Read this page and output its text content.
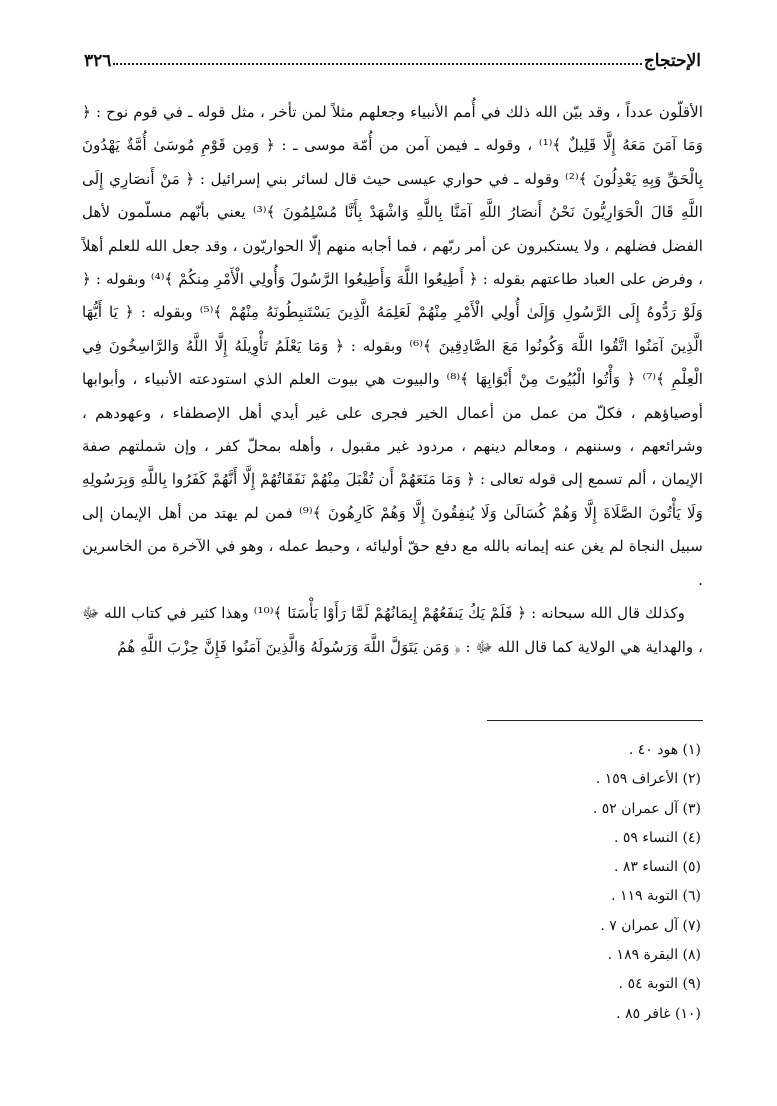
الإحتجاج
٣٢٦

الأقلّون عدداً ، وقد بيّن الله ذلك في أُمم الأنبياء وجعلهم مثلاً لمن تأخر ، مثل قوله ـ في قوم نوح : ﴿ وَمَا آمَنَ مَعَهُ إِلَّا قَلِيلٌ ﴾⁽¹⁾ ، وقوله ـ فيمن آمن من أُمّة موسى ـ : ﴿ وَمِن قَوْمِ مُوسَىٰ أُمَّةٌ يَهْدُونَ بِالْحَقِّ وَبِهِ يَعْدِلُونَ ﴾⁽²⁾ وقوله ـ في حواري عيسى حيث قال لسائر بني إسرائيل : ﴿ مَنْ أَنصَارِي إِلَى اللَّهِ قَالَ الْحَوَارِيُّونَ نَحْنُ أَنصَارُ اللَّهِ آمَنَّا بِاللَّهِ وَاشْهَدْ بِأَنَّا مُسْلِمُونَ ﴾⁽³⁾ يعني بأنّهم مسلّمون لأهل الفضل فضلهم ، ولا يستكبرون عن أمر ربّهم ، فما أجابه منهم إلّا الحواريّون ، وقد جعل الله للعلم أهلاً ، وفرض على العباد طاعتهم بقوله : ﴿ أَطِيعُوا اللَّهَ وَأَطِيعُوا الرَّسُولَ وَأُولِي الْأَمْرِ مِنكُمْ ﴾⁽⁴⁾ وبقوله : ﴿ وَلَوْ رَدُّوهُ إِلَى الرَّسُولِ وَإِلَىٰ أُولِي الْأَمْرِ مِنْهُمْ لَعَلِمَهُ الَّذِينَ يَسْتَنبِطُونَهُ مِنْهُمْ ﴾⁽⁵⁾ وبقوله : ﴿ يَا أَيُّهَا الَّذِينَ آمَنُوا اتَّقُوا اللَّهَ وَكُونُوا مَعَ الصَّادِقِينَ ﴾⁽⁶⁾ وبقوله : ﴿ وَمَا يَعْلَمُ تَأْوِيلَهُ إِلَّا اللَّهُ وَالرَّاسِخُونَ فِي الْعِلْمِ ﴾⁽⁷⁾ ﴿ وَأْتُوا الْبُيُوتَ مِنْ أَبْوَابِهَا ﴾⁽⁸⁾ والبيوت هي بيوت العلم الذي استودعته الأنبياء ، وأبوابها أوصياؤهم ، فكلّ من عمل من أعمال الخير فجرى على غير أيدي أهل الإصطفاء ، وعهودهم ، وشرائعهم ، وسننهم ، ومعالم دينهم ، مردود غير مقبول ، وأهله بمحلّ كفر ، وإن شملتهم صفة الإيمان ، ألم تسمع إلى قوله تعالى : ﴿ وَمَا مَنَعَهُمْ أَن تُقْبَلَ مِنْهُمْ نَفَقَاتُهُمْ إِلَّا أَنَّهُمْ كَفَرُوا بِاللَّهِ وَبِرَسُولِهِ وَلَا يَأْتُونَ الصَّلَاةَ إِلَّا وَهُمْ كُسَالَىٰ وَلَا يُنفِقُونَ إِلَّا وَهُمْ كَارِهُونَ ﴾⁽⁹⁾ فمن لم يهتد من أهل الإيمان إلى سبيل النجاة لم يغن عنه إيمانه بالله مع دفع حقّ أوليائه ، وحبط عمله ، وهو في الآخرة من الخاسرين .

وكذلك قال الله سبحانه : ﴿ فَلَمْ يَكُ يَنفَعُهُمْ إِيمَانُهُمْ لَمَّا رَأَوْا بَأْسَنَا ﴾⁽¹⁰⁾ وهذا كثير في كتاب الله ﷻ ، والهداية هي الولاية كما قال الله ﷻ : ﴿ وَمَن يَتَوَلَّ اللَّهَ وَرَسُولَهُ وَالَّذِينَ آمَنُوا فَإِنَّ حِزْبَ اللَّهِ هُمُ

(١) هود ٤٠ .
(٢) الأعراف ١٥٩ .
(٣) آل عمران ٥٢ .
(٤) النساء ٥٩ .
(٥) النساء ٨٣ .
(٦) التوبة ١١٩ .
(٧) آل عمران ٧ .
(٨) البقرة ١٨٩ .
(٩) التوبة ٥٤ .
(١٠) غافر ٨٥ .
